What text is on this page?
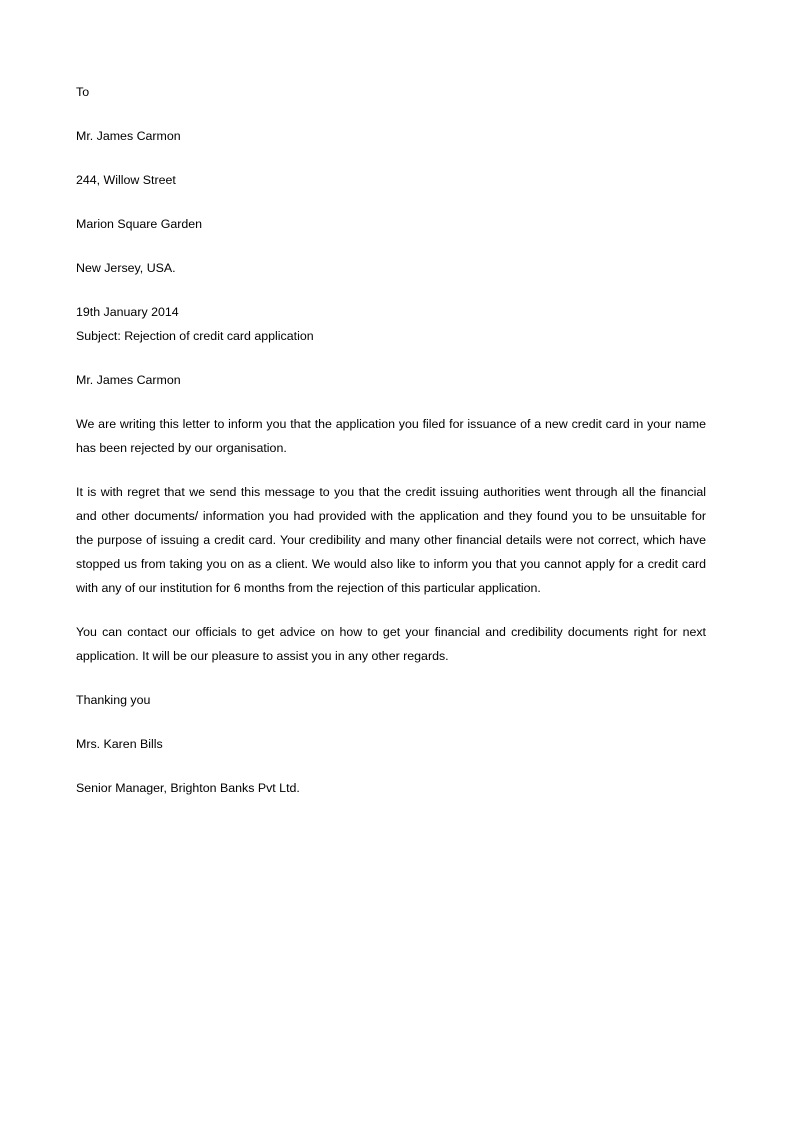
To

Mr. James Carmon

244, Willow Street

Marion Square Garden

New Jersey, USA.

19th January 2014

Subject: Rejection of credit card application

Mr. James Carmon

We are writing this letter to inform you that the application you filed for issuance of a new credit card in your name has been rejected by our organisation.

It is with regret that we send this message to you that the credit issuing authorities went through all the financial and other documents/ information you had provided with the application and they found you to be unsuitable for the purpose of issuing a credit card. Your credibility and many other financial details were not correct, which have stopped us from taking you on as a client. We would also like to inform you that you cannot apply for a credit card with any of our institution for 6 months from the rejection of this particular application.

You can contact our officials to get advice on how to get your financial and credibility documents right for next application. It will be our pleasure to assist you in any other regards.

Thanking you

Mrs. Karen Bills

Senior Manager, Brighton Banks Pvt Ltd.
